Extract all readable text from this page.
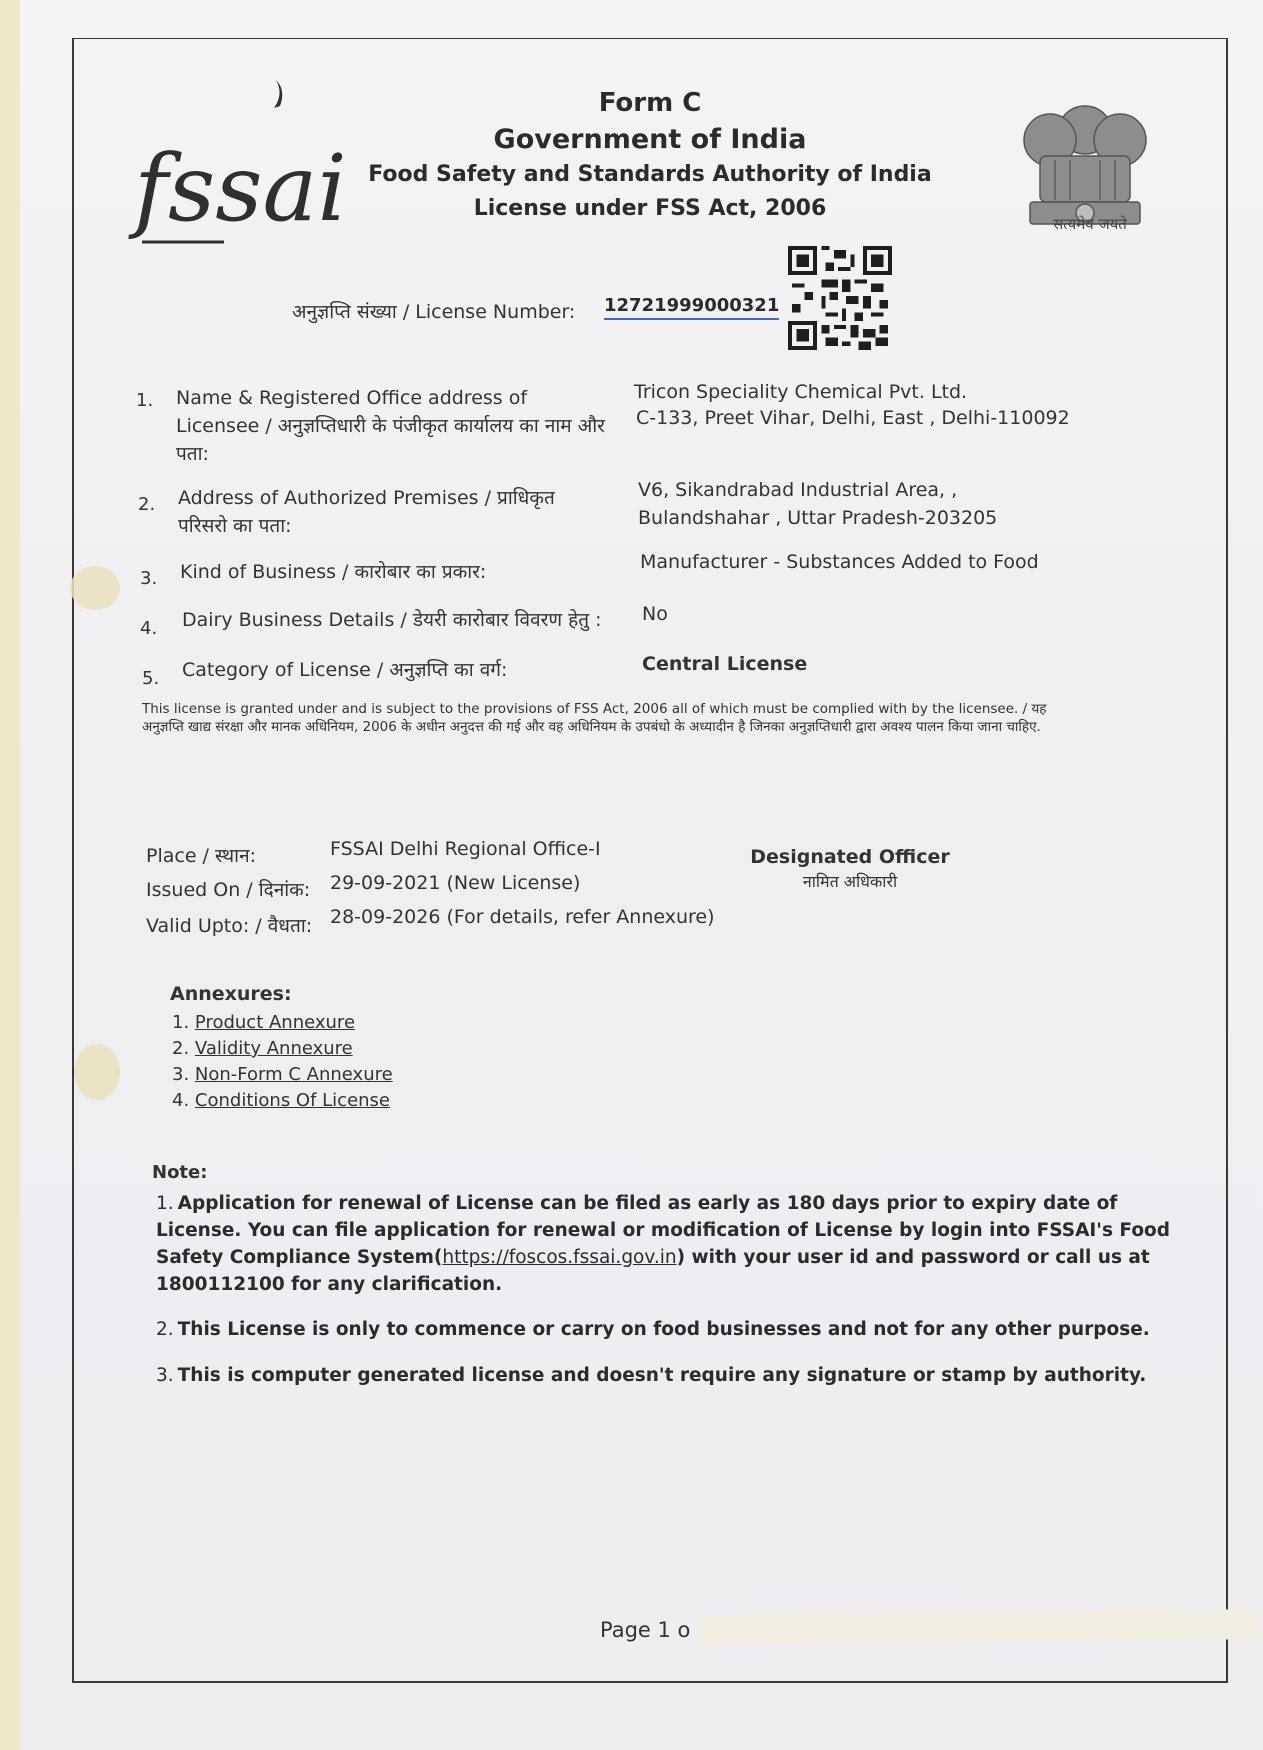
fssai	सत्यमेव जयते
Form C
Government of India
Food Safety and Standards Authority of India
License under FSS Act, 2006
अनुज्ञप्ति संख्या / License Number: 12721999000321
1. Name & Registered Office address of Licensee / अनुज्ञप्तिधारी के पंजीकृत कार्यालय का नाम और पता:
Tricon Speciality Chemical Pvt. Ltd.
C-133, Preet Vihar, Delhi, East , Delhi-110092
2. Address of Authorized Premises / प्राधिकृत परिसरो का पता:
V6, Sikandrabad Industrial Area, ,
Bulandshahar , Uttar Pradesh-203205
3. Kind of Business / कारोबार का प्रकार:	Manufacturer - Substances Added to Food
4. Dairy Business Details / डेयरी कारोबार विवरण हेतु :	No
5. Category of License / अनुज्ञप्ति का वर्ग:	Central License
This license is granted under and is subject to the provisions of FSS Act, 2006 all of which must be complied with by the licensee. / यह अनुज्ञप्ति खाद्य संरक्षा और मानक अधिनियम, 2006 के अधीन अनुदत्त की गई और वह अधिनियम के उपबंधो के अध्यादीन है जिनका अनुज्ञप्तिधारी द्वारा अवश्य पालन किया जाना चाहिए.
Place / स्थान:	FSSAI Delhi Regional Office-I
Issued On / दिनांक: 29-09-2021 (New License)
Valid Upto: / वैधता: 28-09-2026 (For details, refer Annexure)
Designated Officer
नामित अधिकारी
Annexures:
1. Product Annexure
2. Validity Annexure
3. Non-Form C Annexure
4. Conditions Of License
Note:
1. Application for renewal of License can be filed as early as 180 days prior to expiry date of License. You can file application for renewal or modification of License by login into FSSAI's Food Safety Compliance System(https://foscos.fssai.gov.in) with your user id and password or call us at 1800112100 for any clarification.
2. This License is only to commence or carry on food businesses and not for any other purpose.
3. This is computer generated license and doesn't require any signature or stamp by authority.
Page 1 o
